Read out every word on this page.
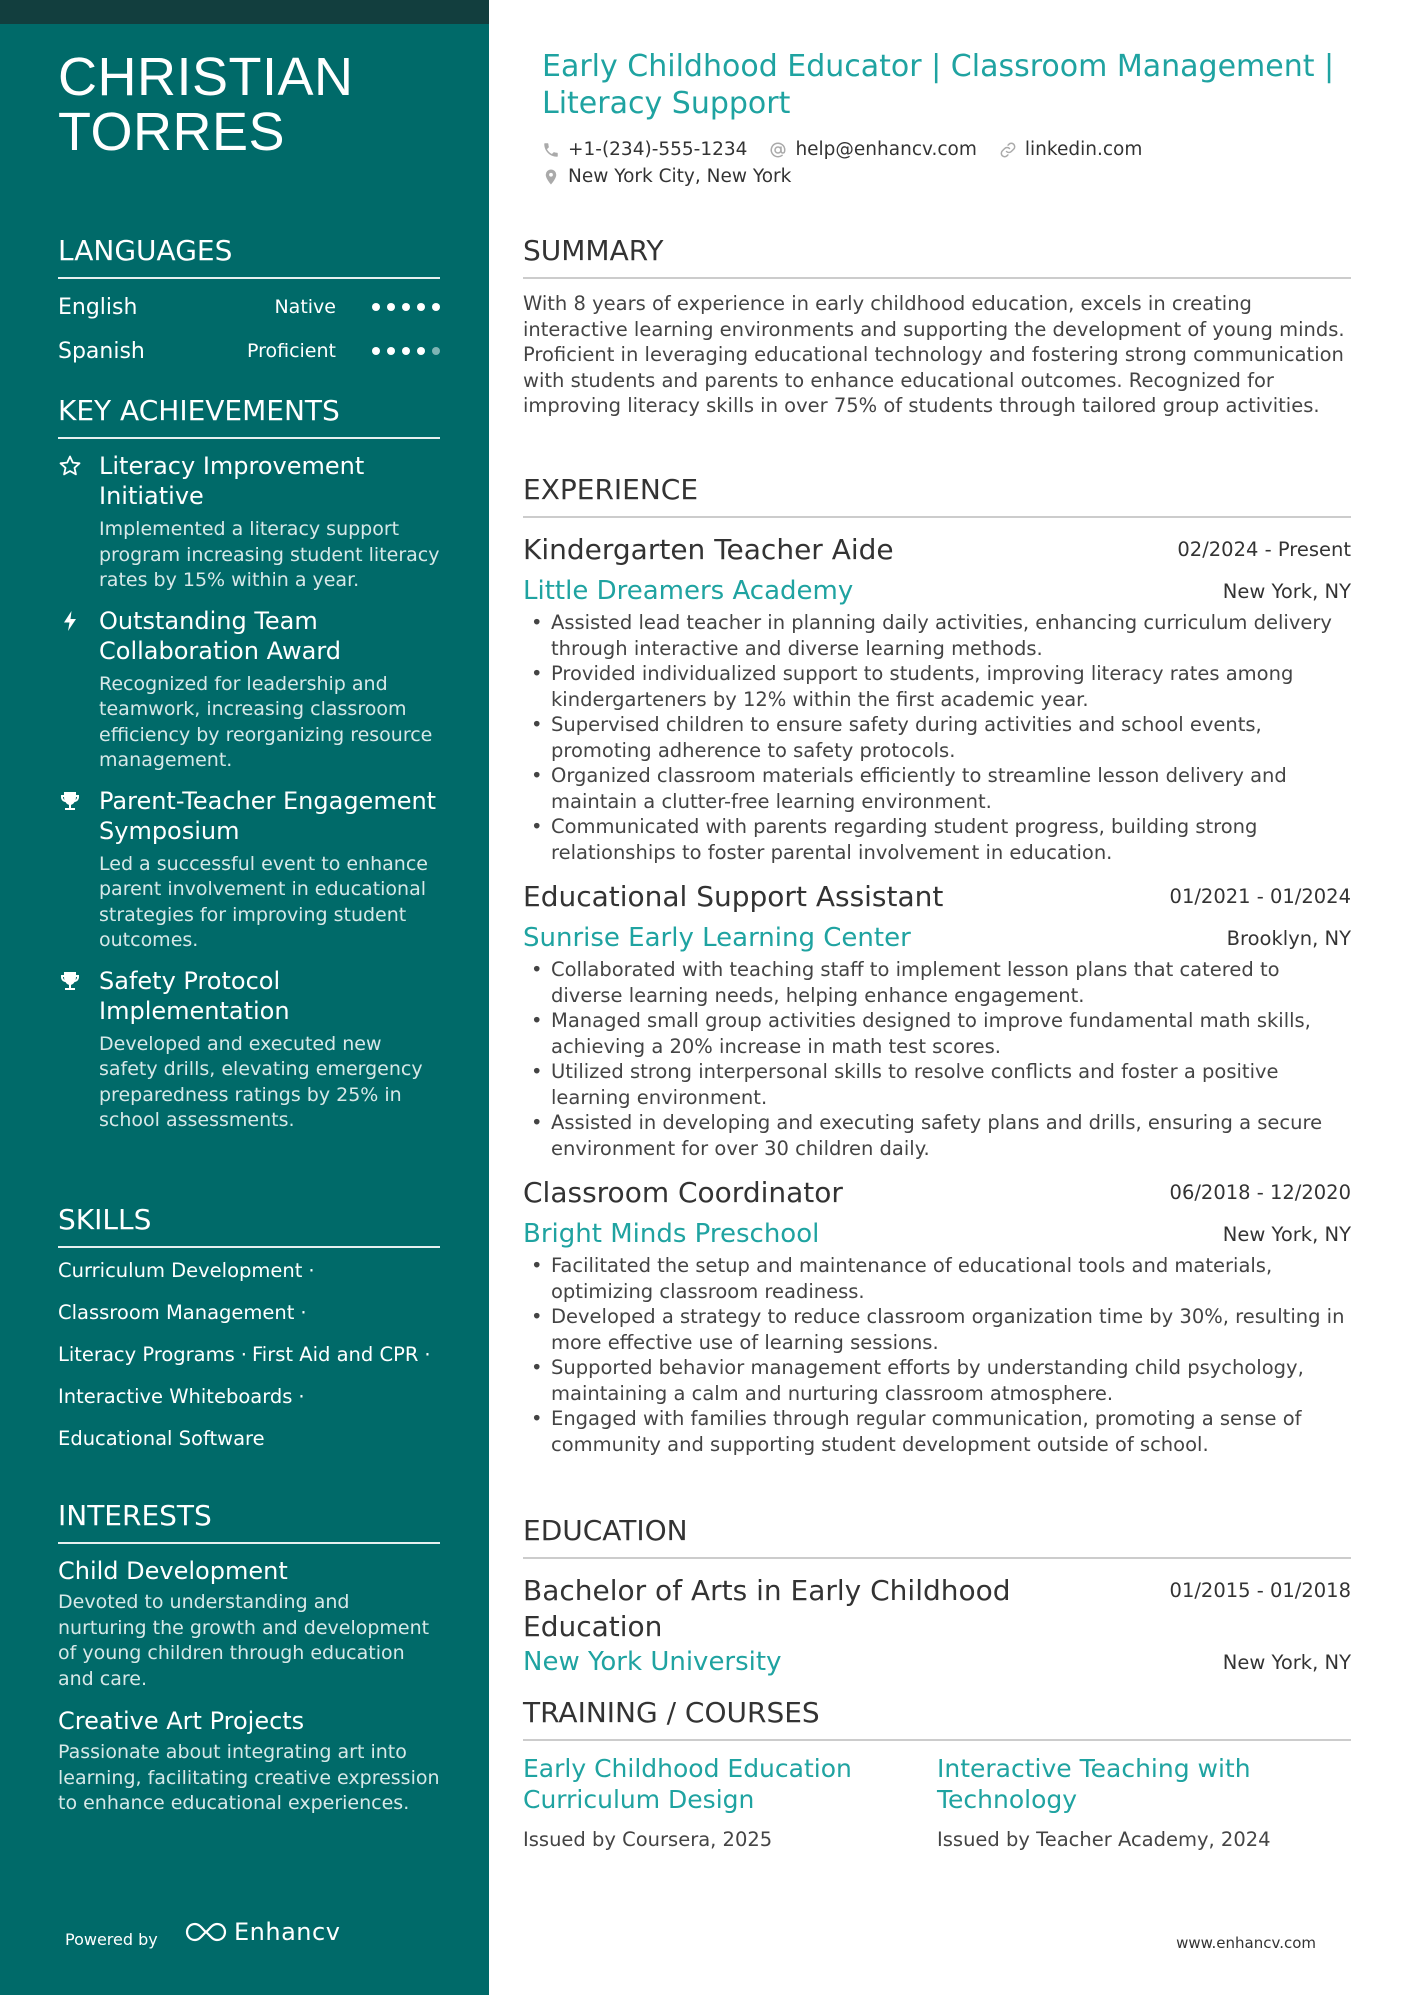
CHRISTIAN
TORRES
LANGUAGES
English	Native
Spanish	Proficient
KEY ACHIEVEMENTS
Literacy Improvement Initiative
Implemented a literacy support program increasing student literacy rates by 15% within a year.
Outstanding Team Collaboration Award
Recognized for leadership and teamwork, increasing classroom efficiency by reorganizing resource management.
Parent-Teacher Engagement Symposium
Led a successful event to enhance parent involvement in educational strategies for improving student outcomes.
Safety Protocol Implementation
Developed and executed new safety drills, elevating emergency preparedness ratings by 25% in school assessments.
SKILLS
Curriculum Development ·
Classroom Management ·
Literacy Programs · First Aid and CPR ·
Interactive Whiteboards ·
Educational Software
INTERESTS
Child Development
Devoted to understanding and nurturing the growth and development of young children through education and care.
Creative Art Projects
Passionate about integrating art into learning, facilitating creative expression to enhance educational experiences.
Powered by	Enhancv
Early Childhood Educator | Classroom Management | Literacy Support
+1-(234)-555-1234	help@enhancv.com	linkedin.com
New York City, New York
SUMMARY
With 8 years of experience in early childhood education, excels in creating interactive learning environments and supporting the development of young minds. Proficient in leveraging educational technology and fostering strong communication with students and parents to enhance educational outcomes. Recognized for improving literacy skills in over 75% of students through tailored group activities.
EXPERIENCE
Kindergarten Teacher Aide	02/2024 - Present
Little Dreamers Academy	New York, NY
• Assisted lead teacher in planning daily activities, enhancing curriculum delivery through interactive and diverse learning methods.
• Provided individualized support to students, improving literacy rates among kindergarteners by 12% within the first academic year.
• Supervised children to ensure safety during activities and school events, promoting adherence to safety protocols.
• Organized classroom materials efficiently to streamline lesson delivery and maintain a clutter-free learning environment.
• Communicated with parents regarding student progress, building strong relationships to foster parental involvement in education.
Educational Support Assistant	01/2021 - 01/2024
Sunrise Early Learning Center	Brooklyn, NY
• Collaborated with teaching staff to implement lesson plans that catered to diverse learning needs, helping enhance engagement.
• Managed small group activities designed to improve fundamental math skills, achieving a 20% increase in math test scores.
• Utilized strong interpersonal skills to resolve conflicts and foster a positive learning environment.
• Assisted in developing and executing safety plans and drills, ensuring a secure environment for over 30 children daily.
Classroom Coordinator	06/2018 - 12/2020
Bright Minds Preschool	New York, NY
• Facilitated the setup and maintenance of educational tools and materials, optimizing classroom readiness.
• Developed a strategy to reduce classroom organization time by 30%, resulting in more effective use of learning sessions.
• Supported behavior management efforts by understanding child psychology, maintaining a calm and nurturing classroom atmosphere.
• Engaged with families through regular communication, promoting a sense of community and supporting student development outside of school.
EDUCATION
Bachelor of Arts in Early Childhood Education
01/2015 - 01/2018
New York University	New York, NY
TRAINING / COURSES
Early Childhood Education Curriculum Design
Issued by Coursera, 2025
Interactive Teaching with Technology
Issued by Teacher Academy, 2024
www.enhancv.com
